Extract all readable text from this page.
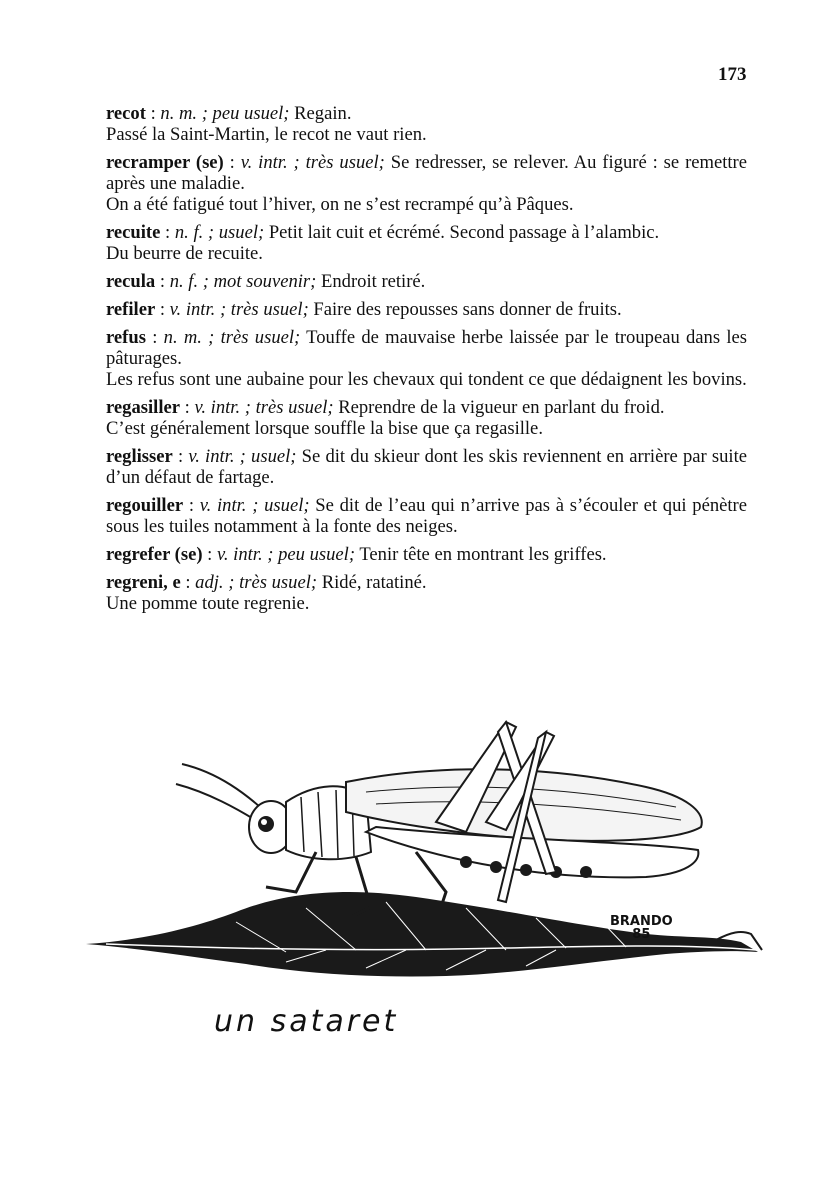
173

recot : n. m. ; peu usuel; Regain.

Passé la Saint-Martin, le recot ne vaut rien.

recramper (se) : v. intr. ; très usuel; Se redresser, se relever. Au figuré : se remettre après une maladie.

On a été fatigué tout l’hiver, on ne s’est recrampé qu’à Pâques.

recuite : n. f. ; usuel; Petit lait cuit et écrémé. Second passage à l’alambic.

Du beurre de recuite.

recula : n. f. ; mot souvenir; Endroit retiré.

refiler : v. intr. ; très usuel; Faire des repousses sans donner de fruits.

refus : n. m. ; très usuel; Touffe de mauvaise herbe laissée par le troupeau dans les pâturages.

Les refus sont une aubaine pour les chevaux qui tondent ce que dédaignent les bovins.

regasiller : v. intr. ; très usuel; Reprendre de la vigueur en parlant du froid.

C’est généralement lorsque souffle la bise que ça regasille.

reglisser : v. intr. ; usuel; Se dit du skieur dont les skis reviennent en arrière par suite d’un défaut de fartage.

regouiller : v. intr. ; usuel; Se dit de l’eau qui n’arrive pas à s’écouler et qui pénètre sous les tuiles notamment à la fonte des neiges.

regrefer (se) : v. intr. ; peu usuel; Tenir tête en montrant les griffes.

regreni, e : adj. ; très usuel; Ridé, ratatiné.

Une pomme toute regrenie.

BRANDO
85
un sataret
